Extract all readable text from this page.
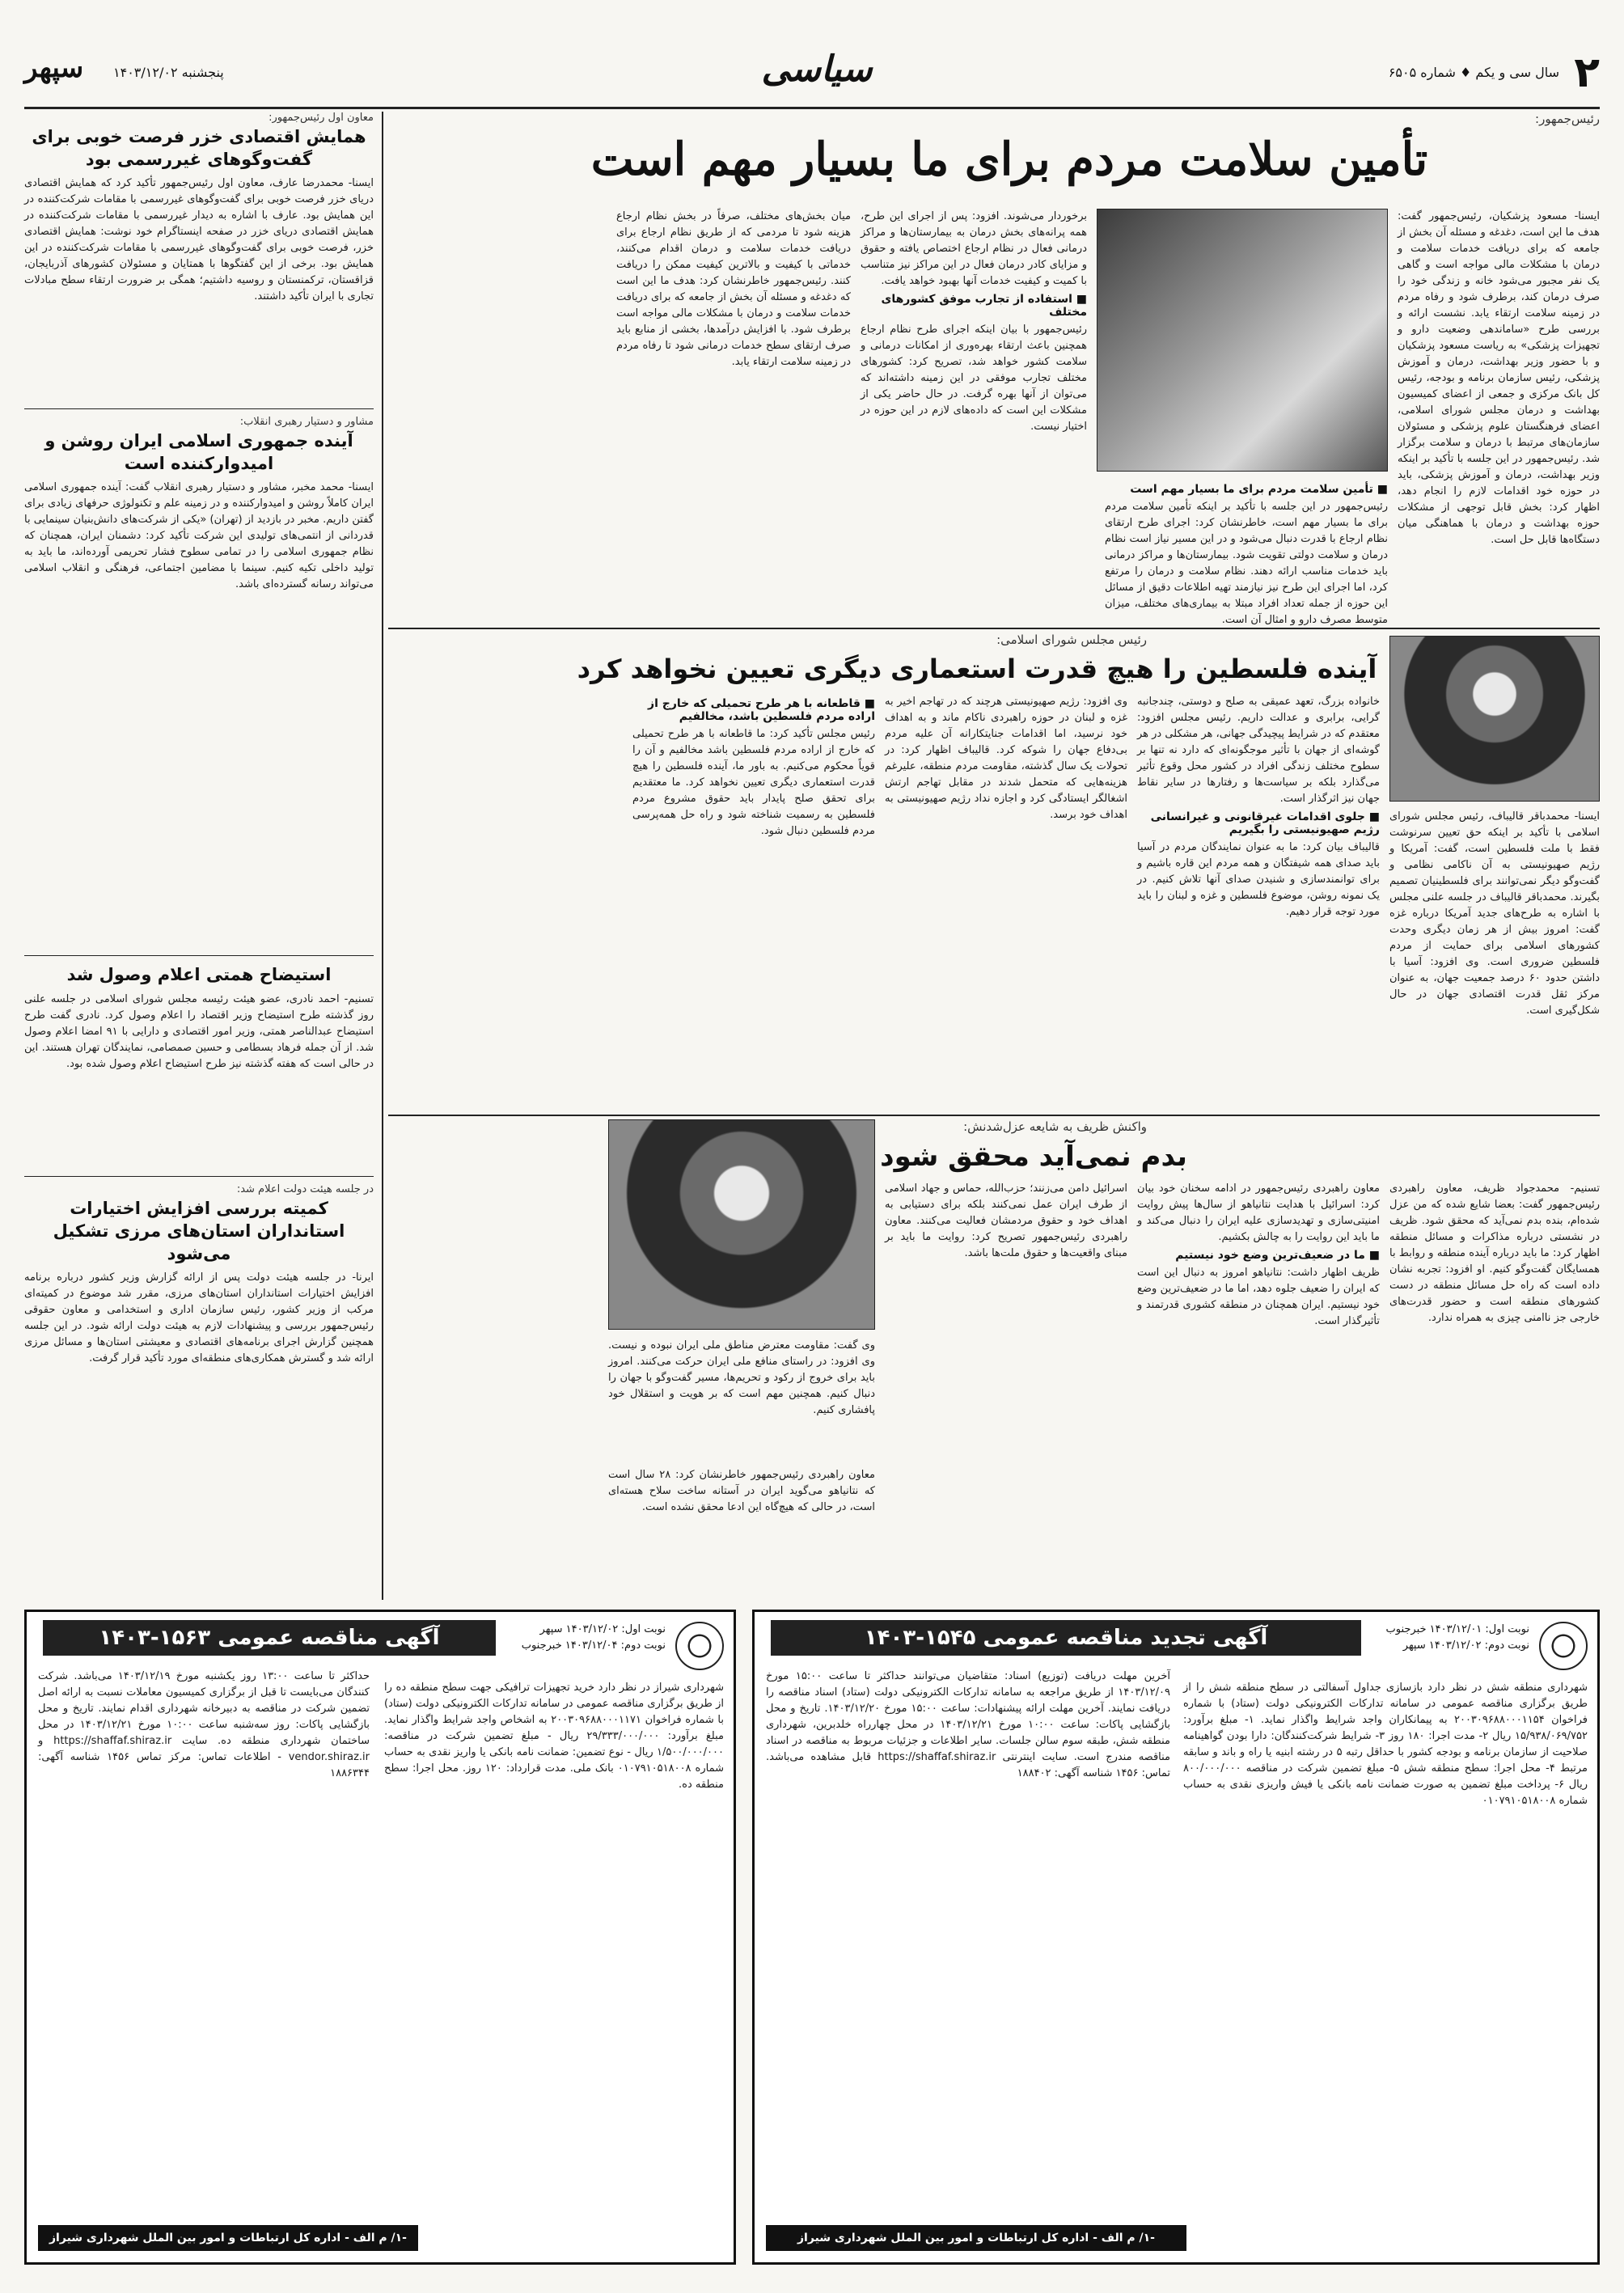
٢
سال سی و یکم ♦ شماره ۶۵۰۵
سیاسی
پنجشنبه ۱۴۰۳/۱۲/۰۲
سپهر
رئیس‌جمهور:
تأمین سلامت مردم برای ما بسیار مهم است
ایسنا- مسعود پزشکیان، رئیس‌جمهور گفت: هدف ما این است، دغدغه و مسئله آن بخش از جامعه که برای دریافت خدمات سلامت و درمان با مشکلات مالی مواجه است و گاهی یک نفر مجبور می‌شود خانه و زندگی خود را صرف درمان کند، برطرف شود و رفاه مردم در زمینه سلامت ارتقاء یابد. نشست ارائه و بررسی طرح «ساماندهی وضعیت دارو و تجهیزات پزشکی» به ریاست مسعود پزشکیان و با حضور وزیر بهداشت، درمان و آموزش پزشکی، رئیس سازمان برنامه و بودجه، رئیس کل بانک مرکزی و جمعی از اعضای کمیسیون بهداشت و درمان مجلس شورای اسلامی، اعضای فرهنگستان علوم پزشکی و مسئولان سازمان‌های مرتبط با درمان و سلامت برگزار شد. رئیس‌جمهور در این جلسه با تأکید بر اینکه وزیر بهداشت، درمان و آموزش پزشکی، باید در حوزه خود اقدامات لازم را انجام دهد، اظهار کرد: بخش قابل توجهی از مشکلات حوزه بهداشت و درمان با هماهنگی میان دستگاه‌ها قابل حل است.
■ تأمین سلامت مردم برای ما بسیار مهم است
رئیس‌جمهور در این جلسه با تأکید بر اینکه تأمین سلامت مردم برای ما بسیار مهم است، خاطرنشان کرد: اجرای طرح ارتقای نظام ارجاع با قدرت دنبال می‌شود و در این مسیر نیاز است نظام درمان و سلامت دولتی تقویت شود. بیمارستان‌ها و مراکز درمانی باید خدمات مناسب ارائه دهند. نظام سلامت و درمان را مرتفع کرد، اما اجرای این طرح نیز نیازمند تهیه اطلاعات دقیق از مسائل این حوزه از جمله تعداد افراد مبتلا به بیماری‌های مختلف، میزان متوسط مصرف دارو و امثال آن است.
برخوردار می‌شوند. افزود: پس از اجرای این طرح، همه پرانه‌های بخش درمان به بیمارستان‌ها و مراکز درمانی فعال در نظام ارجاع اختصاص یافته و حقوق و مزایای کادر درمان فعال در این مراکز نیز متناسب با کمیت و کیفیت خدمات آنها بهبود خواهد یافت.
■ استفاده از تجارب موفق کشورهای مختلف
رئیس‌جمهور با بیان اینکه اجرای طرح نظام ارجاع همچنین باعث ارتقاء بهره‌وری از امکانات درمانی و سلامت کشور خواهد شد، تصریح کرد: کشورهای مختلف تجارب موفقی در این زمینه داشته‌اند که می‌توان از آنها بهره گرفت. در حال حاضر یکی از مشکلات این است که داده‌های لازم در این حوزه در اختیار نیست.
میان بخش‌های مختلف، صرفاً در بخش نظام ارجاع هزینه شود تا مردمی که از طریق نظام ارجاع برای دریافت خدمات سلامت و درمان اقدام می‌کنند، خدماتی با کیفیت و بالاترین کیفیت ممکن را دریافت کنند. رئیس‌جمهور خاطرنشان کرد: هدف ما این است که دغدغه و مسئله آن بخش از جامعه که برای دریافت خدمات سلامت و درمان با مشکلات مالی مواجه است برطرف شود. با افزایش درآمدها، بخشی از منابع باید صرف ارتقای سطح خدمات درمانی شود تا رفاه مردم در زمینه سلامت ارتقاء یابد.
معاون اول رئیس‌جمهور:
همایش اقتصادی خزر فرصت خوبی برای گفت‌وگوهای غیررسمی بود
ایسنا- محمدرضا عارف، معاون اول رئیس‌جمهور تأکید کرد که همایش اقتصادی دریای خزر فرصت خوبی برای گفت‌وگوهای غیررسمی با مقامات شرکت‌کننده در این همایش بود. عارف با اشاره به دیدار غیررسمی با مقامات شرکت‌کننده در همایش اقتصادی دریای خزر در صفحه اینستاگرام خود نوشت: همایش اقتصادی خزر، فرصت خوبی برای گفت‌وگوهای غیررسمی با مقامات شرکت‌کننده در این همایش بود. برخی از این گفتگوها با همتایان و مسئولان کشورهای آذربایجان، قزاقستان، ترکمنستان و روسیه داشتیم؛ همگی بر ضرورت ارتقاء سطح مبادلات تجاری با ایران تأکید داشتند.
مشاور و دستیار رهبری انقلاب:
آینده جمهوری اسلامی ایران روشن و امیدوارکننده است
ایسنا- محمد مخبر، مشاور و دستیار رهبری انقلاب گفت: آینده جمهوری اسلامی ایران کاملاً روشن و امیدوارکننده و در زمینه علم و تکنولوژی حرفهای زیادی برای گفتن داریم. مخبر در بازدید از (تهران) «یکی از شرکت‌های دانش‌بنیان سینمایی با قدردانی از انتمی‌های تولیدی این شرکت تأکید کرد: دشمنان ایران، همچنان که نظام جمهوری اسلامی را در تمامی سطوح فشار تحریمی آورده‌اند، ما باید به تولید داخلی تکیه کنیم. سینما با مضامین اجتماعی، فرهنگی و انقلاب اسلامی می‌تواند رسانه گسترده‌ای باشد.
استیضاح همتی اعلام وصول شد
تسنیم- احمد نادری، عضو هیئت رئیسه مجلس شورای اسلامی در جلسه علنی روز گذشته طرح استیضاح وزیر اقتصاد را اعلام وصول کرد. نادری گفت طرح استیضاح عبدالناصر همتی، وزیر امور اقتصادی و دارایی با ۹۱ امضا اعلام وصول شد. از آن جمله فرهاد بسطامی و حسین صمصامی، نمایندگان تهران هستند. این در حالی است که هفته گذشته نیز طرح استیضاح اعلام وصول شده بود.
در جلسه هیئت دولت اعلام شد:
کمیته بررسی افزایش اختیارات استانداران استان‌های مرزی تشکیل می‌شود
ایرنا- در جلسه هیئت دولت پس از ارائه گزارش وزیر کشور درباره برنامه افزایش اختیارات استانداران استان‌های مرزی، مقرر شد موضوع در کمیته‌ای مرکب از وزیر کشور، رئیس سازمان اداری و استخدامی و معاون حقوقی رئیس‌جمهور بررسی و پیشنهادات لازم به هیئت دولت ارائه شود. در این جلسه همچنین گزارش اجرای برنامه‌های اقتصادی و معیشتی استان‌ها و مسائل مرزی ارائه شد و گسترش همکاری‌های منطقه‌ای مورد تأکید قرار گرفت.
رئیس مجلس شورای اسلامی:
آینده فلسطین را هیچ قدرت استعماری دیگری تعیین نخواهد کرد
ایسنا- محمدباقر قالیباف، رئیس مجلس شورای اسلامی با تأکید بر اینکه حق تعیین سرنوشت فقط با ملت فلسطین است، گفت: آمریکا و رژیم صهیونیستی به آن ناکامی نظامی و گفت‌وگو دیگر نمی‌توانند برای فلسطینیان تصمیم بگیرند. محمدباقر قالیباف در جلسه علنی مجلس با اشاره به طرح‌های جدید آمریکا درباره غزه گفت: امروز بیش از هر زمان دیگری وحدت کشورهای اسلامی برای حمایت از مردم فلسطین ضروری است. وی افزود: آسیا با داشتن حدود ۶۰ درصد جمعیت جهان، به عنوان مرکز ثقل قدرت اقتصادی جهان در حال شکل‌گیری است.
خانواده بزرگ، تعهد عمیقی به صلح و دوستی، چندجانبه گرایی، برابری و عدالت داریم. رئیس مجلس افزود: معتقدم که در شرایط پیچیدگی جهانی، هر مشکلی در هر گوشه‌ای از جهان با تأثیر موجگونه‌ای که دارد نه تنها بر سطوح مختلف زندگی افراد در کشور محل وقوع تأثیر می‌گذارد بلکه بر سیاست‌ها و رفتارها در سایر نقاط جهان نیز اثرگذار است.
■ جلوی اقدامات غیرقانونی و غیرانسانی رژیم صهیونیستی را بگیریم
قالیباف بیان کرد: ما به عنوان نمایندگان مردم در آسیا باید صدای همه شیفتگان و همه مردم این قاره باشیم و برای توانمندسازی و شنیدن صدای آنها تلاش کنیم. در یک نمونه روشن، موضوع فلسطین و غزه و لبنان را باید مورد توجه قرار دهیم.
وی افزود: رژیم صهیونیستی هرچند که در تهاجم اخیر به غزه و لبنان در حوزه راهبردی ناکام ماند و به اهداف خود نرسید، اما اقدامات جنایتکارانه آن علیه مردم بی‌دفاع جهان را شوکه کرد. قالیباف اظهار کرد: در تحولات یک سال گذشته، مقاومت مردم منطقه، علیرغم هزینه‌هایی که متحمل شدند در مقابل تهاجم ارتش اشغالگر ایستادگی کرد و اجازه نداد رژیم صهیونیستی به اهداف خود برسد.
■ قاطعانه با هر طرح تحمیلی که خارج از اراده مردم فلسطین باشد، مخالفیم
رئیس مجلس تأکید کرد: ما قاطعانه با هر طرح تحمیلی که خارج از اراده مردم فلسطین باشد مخالفیم و آن را قویاً محکوم می‌کنیم. به باور ما، آینده فلسطین را هیچ قدرت استعماری دیگری تعیین نخواهد کرد. ما معتقدیم برای تحقق صلح پایدار باید حقوق مشروع مردم فلسطین به رسمیت شناخته شود و راه حل همه‌پرسی مردم فلسطین دنبال شود.
واکنش ظریف به شایعه عزل‌شدنش:
بدم نمی‌آید محقق شود
تسنیم- محمدجواد ظریف، معاون راهبردی رئیس‌جمهور گفت: بعضا شایع شده که من عزل شده‌ام، بنده بدم نمی‌آید که محقق شود. ظریف در نشستی درباره مذاکرات و مسائل منطقه اظهار کرد: ما باید درباره آینده منطقه و روابط با همسایگان گفت‌وگو کنیم. او افزود: تجربه نشان داده است که راه حل مسائل منطقه در دست کشورهای منطقه است و حضور قدرت‌های خارجی جز ناامنی چیزی به همراه ندارد.
معاون راهبردی رئیس‌جمهور در ادامه سخنان خود بیان کرد: اسرائیل با هدایت نتانیاهو از سال‌ها پیش روایت امنیتی‌سازی و تهدید‌سازی علیه ایران را دنبال می‌کند و ما باید این روایت را به چالش بکشیم.
■ ما در ضعیف‌ترین وضع خود نیستیم
ظریف اظهار داشت: نتانیاهو امروز به دنبال این است که ایران را ضعیف جلوه دهد، اما ما در ضعیف‌ترین وضع خود نیستیم. ایران همچنان در منطقه کشوری قدرتمند و تأثیرگذار است.
اسرائیل دامن می‌زنند؛ حزب‌الله، حماس و جهاد اسلامی از طرف ایران عمل نمی‌کنند بلکه برای دستیابی به اهداف خود و حقوق مردمشان فعالیت می‌کنند. معاون راهبردی رئیس‌جمهور تصریح کرد: روایت ما باید بر مبنای واقعیت‌ها و حقوق ملت‌ها باشد.
وی گفت: مقاومت معترض مناطق ملی ایران نبوده و نیست. وی افزود: در راستای منافع ملی ایران حرکت می‌کنند. امروز باید برای خروج از رکود و تحریم‌ها، مسیر گفت‌وگو با جهان را دنبال کنیم. همچنین مهم است که بر هویت و استقلال خود پافشاری کنیم.
معاون راهبردی رئیس‌جمهور خاطرنشان کرد: ۲۸ سال است که نتانیاهو می‌گوید ایران در آستانه ساخت سلاح هسته‌ای است، در حالی که هیچ‌گاه این ادعا محقق نشده است.
آگهی تجدید مناقصه عمومی ۱۵۴۵-۱۴۰۳	نوبت اول: ۱۴۰۳/۱۲/۰۱ خبرجنوب
نوبت دوم: ۱۴۰۳/۱۲/۰۲ سپهر
شهرداری منطقه شش در نظر دارد بازسازی جداول آسفالتی در سطح منطقه شش را از طریق برگزاری مناقصه عمومی در سامانه تدارکات الکترونیکی دولت (ستاد) با شماره فراخوان ۲۰۰۳۰۹۶۸۸۰۰۰۱۱۵۴ به پیمانکاران واجد شرایط واگذار نماید. ۱- مبلغ برآورد: ۱۵/۹۳۸/۰۶۹/۷۵۲ ریال ۲- مدت اجرا: ۱۸۰ روز ۳- شرایط شرکت‌کنندگان: دارا بودن گواهینامه صلاحیت از سازمان برنامه و بودجه کشور با حداقل رتبه ۵ در رشته ابنیه یا راه و باند و سابقه مرتبط ۴- محل اجرا: سطح منطقه شش ۵- مبلغ تضمین شرکت در مناقصه ۸۰۰/۰۰۰/۰۰۰ ریال ۶- پرداخت مبلغ تضمین به صورت ضمانت نامه بانکی یا فیش واریزی نقدی به حساب شماره ۰۱۰۷۹۱۰۵۱۸۰۰۸
آخرین مهلت دریافت (توزیع) اسناد: متقاضیان می‌توانند حداکثر تا ساعت ۱۵:۰۰ مورخ ۱۴۰۳/۱۲/۰۹ از طریق مراجعه به سامانه تدارکات الکترونیکی دولت (ستاد) اسناد مناقصه را دریافت نمایند. آخرین مهلت ارائه پیشنهادات: ساعت ۱۵:۰۰ مورخ ۱۴۰۳/۱۲/۲۰. تاریخ و محل بازگشایی پاکات: ساعت ۱۰:۰۰ مورخ ۱۴۰۳/۱۲/۲۱ در محل چهارراه خلدبرین، شهرداری منطقه شش، طبقه سوم سالن جلسات. سایر اطلاعات و جزئیات مربوط به مناقصه در اسناد مناقصه مندرج است. سایت اینترنتی https://shaffaf.shiraz.ir قابل مشاهده می‌باشد. تماس: ۱۴۵۶ شناسه آگهی: ۱۸۸۴۰۲
-۱/ م الف - اداره کل ارتباطات و امور بین الملل شهرداری شیراز
آگهی مناقصه عمومی ۱۵۶۳-۱۴۰۳	نوبت اول: ۱۴۰۳/۱۲/۰۲ سپهر
نوبت دوم: ۱۴۰۳/۱۲/۰۴ خبرجنوب
شهرداری شیراز در نظر دارد خرید تجهیزات ترافیکی جهت سطح منطقه ده را از طریق برگزاری مناقصه عمومی در سامانه تدارکات الکترونیکی دولت (ستاد) با شماره فراخوان ۲۰۰۳۰۹۶۸۸۰۰۰۱۱۷۱ به اشخاص واجد شرایط واگذار نماید. مبلغ برآورد: ۲۹/۳۳۳/۰۰۰/۰۰۰ ریال - مبلغ تضمین شرکت در مناقصه: ۱/۵۰۰/۰۰۰/۰۰۰ ریال - نوع تضمین: ضمانت نامه بانکی یا واریز نقدی به حساب شماره ۰۱۰۷۹۱۰۵۱۸۰۰۸ بانک ملی. مدت قرارداد: ۱۲۰ روز. محل اجرا: سطح منطقه ده.
حداکثر تا ساعت ۱۳:۰۰ روز یکشنبه مورخ ۱۴۰۳/۱۲/۱۹ می‌باشد. شرکت کنندگان می‌بایست تا قبل از برگزاری کمیسیون معاملات نسبت به ارائه اصل تضمین شرکت در مناقصه به دبیرخانه شهرداری اقدام نمایند. تاریخ و محل بازگشایی پاکات: روز سه‌شنبه ساعت ۱۰:۰۰ مورخ ۱۴۰۳/۱۲/۲۱ در محل ساختمان شهرداری منطقه ده. سایت https://shaffaf.shiraz.ir و vendor.shiraz.ir - اطلاعات تماس: مرکز تماس ۱۴۵۶ شناسه آگهی: ۱۸۸۶۳۴۴
-۱/ م الف - اداره کل ارتباطات و امور بین الملل شهرداری شیراز
